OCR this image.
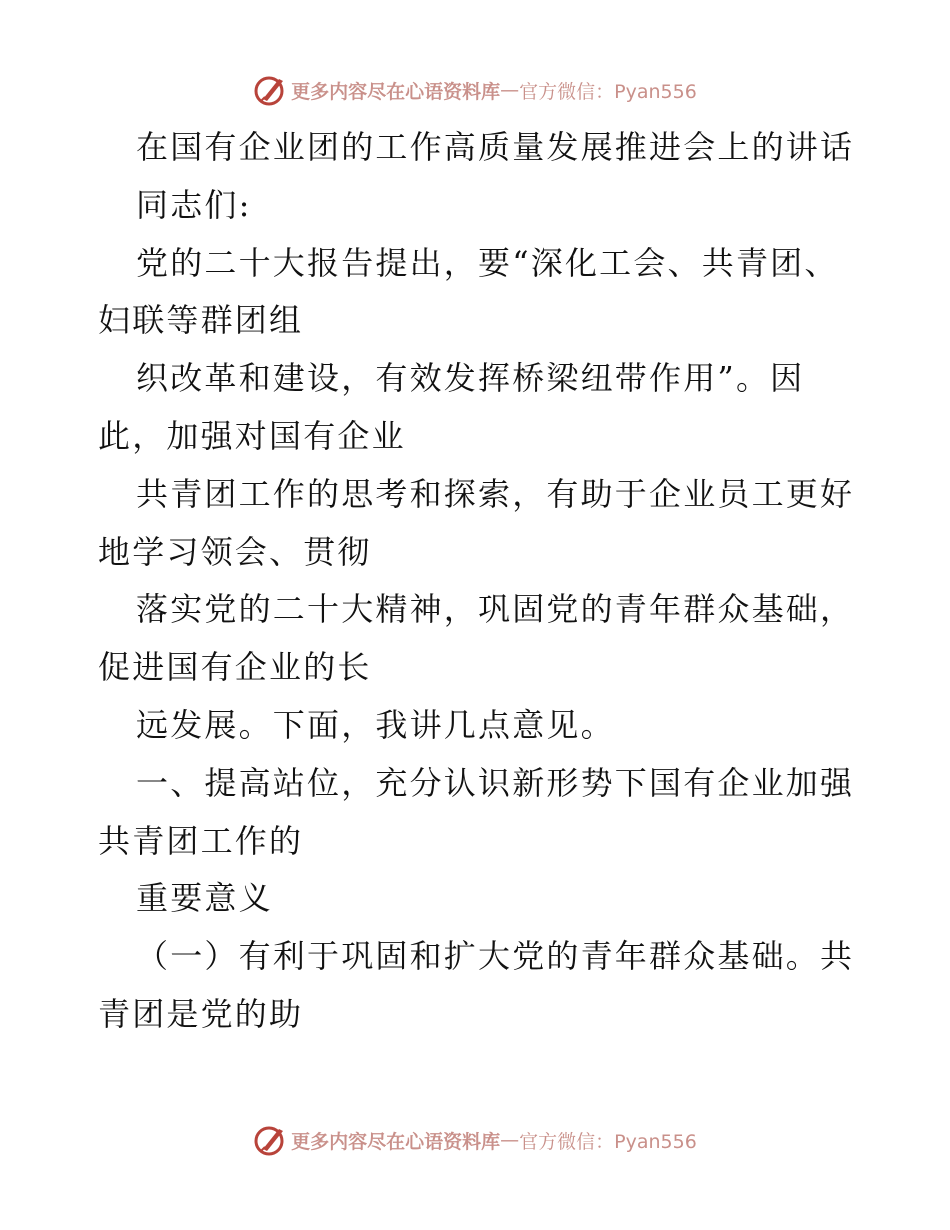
更多内容尽在心语资料库 — 官方微信：Pyan556
在国有企业团的工作高质量发展推进会上的讲话
同志们:
党的二十大报告提出，要“深化工会、共青团、
妇联等群团组
织改革和建设，有效发挥桥梁纽带作用”。因
此，加强对国有企业
共青团工作的思考和探索，有助于企业员工更好
地学习领会、贯彻
落实党的二十大精神，巩固党的青年群众基础，
促进国有企业的长
远发展。下面，我讲几点意见。
一、提高站位，充分认识新形势下国有企业加强
共青团工作的
重要意义
（一）有利于巩固和扩大党的青年群众基础。共
青团是党的助
更多内容尽在心语资料库 — 官方微信：Pyan556
